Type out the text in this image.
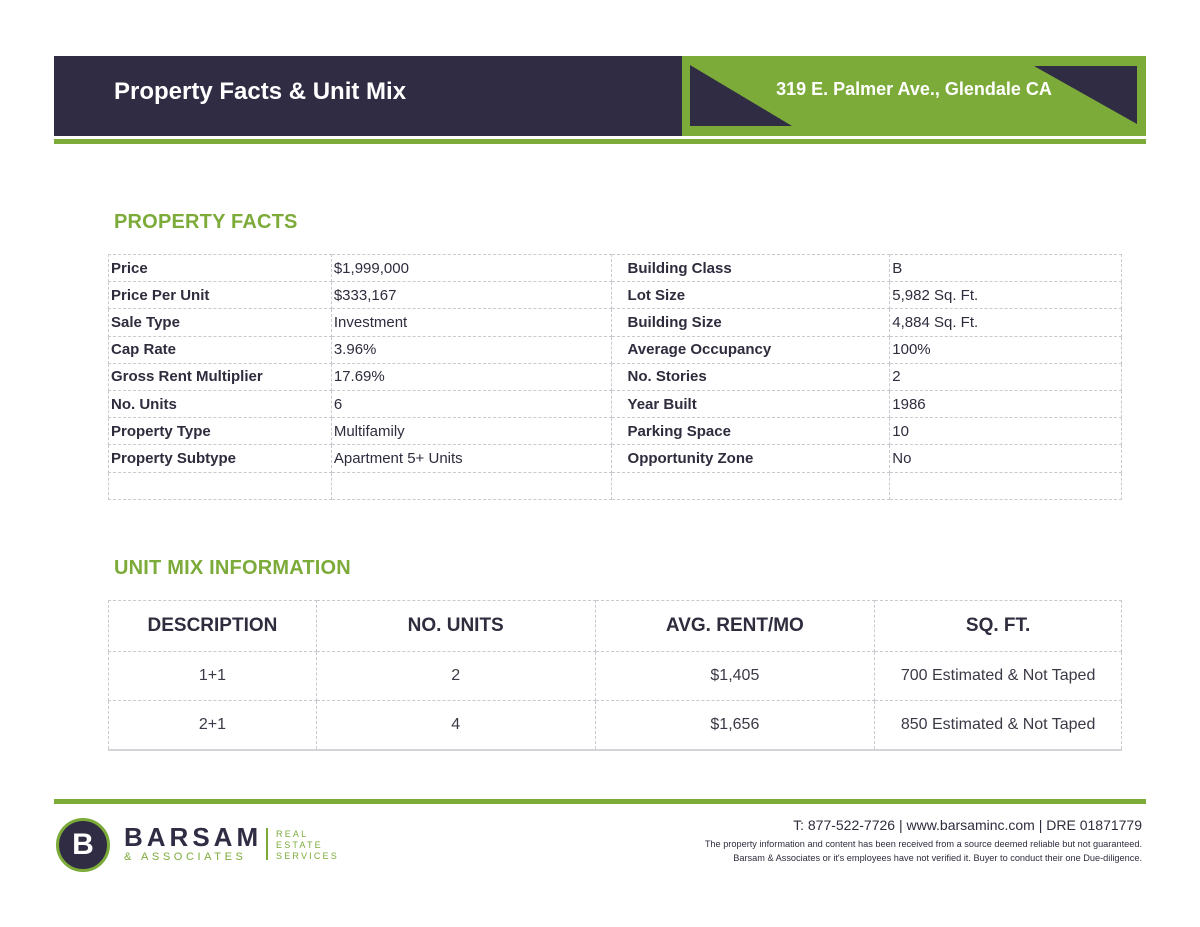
Property Facts & Unit Mix	319 E. Palmer Ave., Glendale CA
PROPERTY FACTS
Price	$1,999,000	Building Class	B
Price Per Unit	$333,167	Lot Size	5,982 Sq. Ft.
Sale Type	Investment	Building Size	4,884 Sq. Ft.
Cap Rate	3.96%	Average Occupancy	100%
Gross Rent Multiplier	17.69%	No. Stories	2
No. Units	6	Year Built	1986
Property Type	Multifamily	Parking Space	10
Property Subtype	Apartment 5+ Units	Opportunity Zone	No

UNIT MIX INFORMATION
DESCRIPTION	NO. UNITS	AVG. RENT/MO	SQ. FT.
1+1	2	$1,405	700 Estimated & Not Taped
2+1	4	$1,656	850 Estimated & Not Taped
B	BARSAM
& ASSOCIATES
REAL
ESTATE
SERVICES
T: 877-522-7726 | www.barsaminc.com | DRE 01871779
The property information and content has been received from a source deemed reliable but not guaranteed.
Barsam & Associates or it's employees have not verified it. Buyer to conduct their one Due-diligence.
